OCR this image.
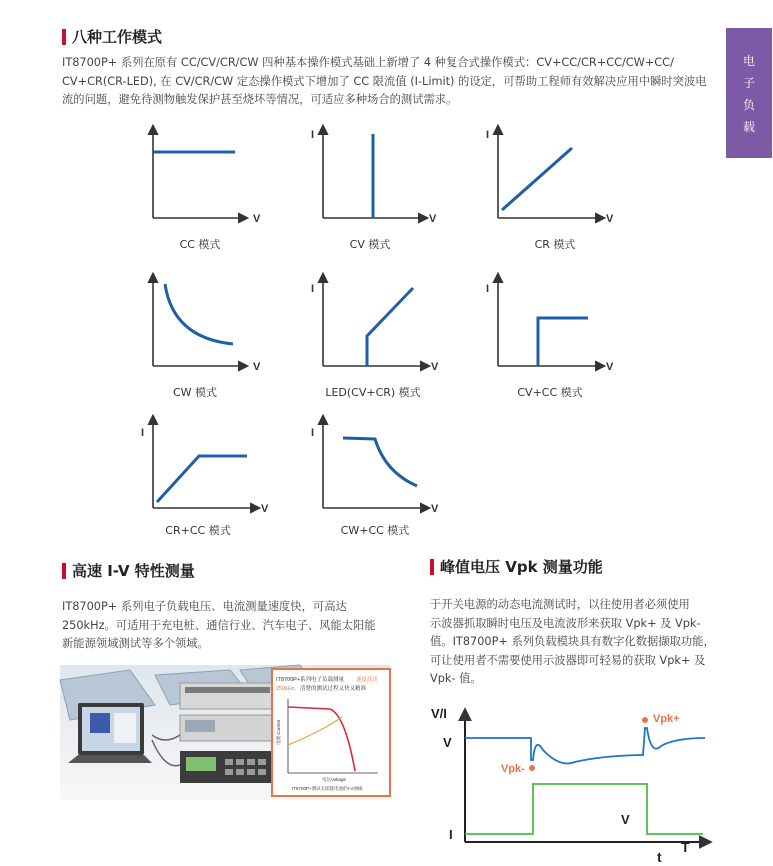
电
子
负
载
八种工作模式
IT8700P+ 系列在原有 CC/CV/CR/CW 四种基本操作模式基础上新增了 4 种复合式操作模式：CV+CC/CR+CC/CW+CC/
CV+CR(CR-LED), 在 CV/CR/CW 定态操作模式下增加了 CC 限流值 (I-Limit) 的设定，可帮助工程师有效解决应用中瞬时突波电
流的问题，避免待测物触发保护甚至烧坏等情况，可适应多种场合的测试需求。
V
CC 模式
I
V
CV 模式
I
V
CR 模式
V
CW 模式
I
V
LED(CV+CR) 模式
I
V
CV+CC 模式
I
V
CR+CC 模式
I
V
CW+CC 模式
高速 I-V 特性测量
IT8700P+ 系列电子负载电压、电流测量速度快，可高达
250kHz。可适用于充电桩、通信行业、汽车电子、风能太阳能
新能源领域测试等多个领域。
IT8700P+系列电子负载测量 速度高达
250kHz, 清楚的测试过程又快又精准
电流 Current
电压Voltage
IT8700P+测试太阳能电池的I-V曲线
峰值电压 Vpk 测量功能
于开关电源的动态电流测试时，以往使用者必须使用
示波器抓取瞬时电压及电流波形来获取 Vpk+ 及 Vpk-
值。IT8700P+ 系列负载模块具有数字化数据撷取功能，
可让使用者不需要使用示波器即可轻易的获取 Vpk+ 及
Vpk- 值。
V/I
V
I
Vpk-
Vpk+
V
t
T
